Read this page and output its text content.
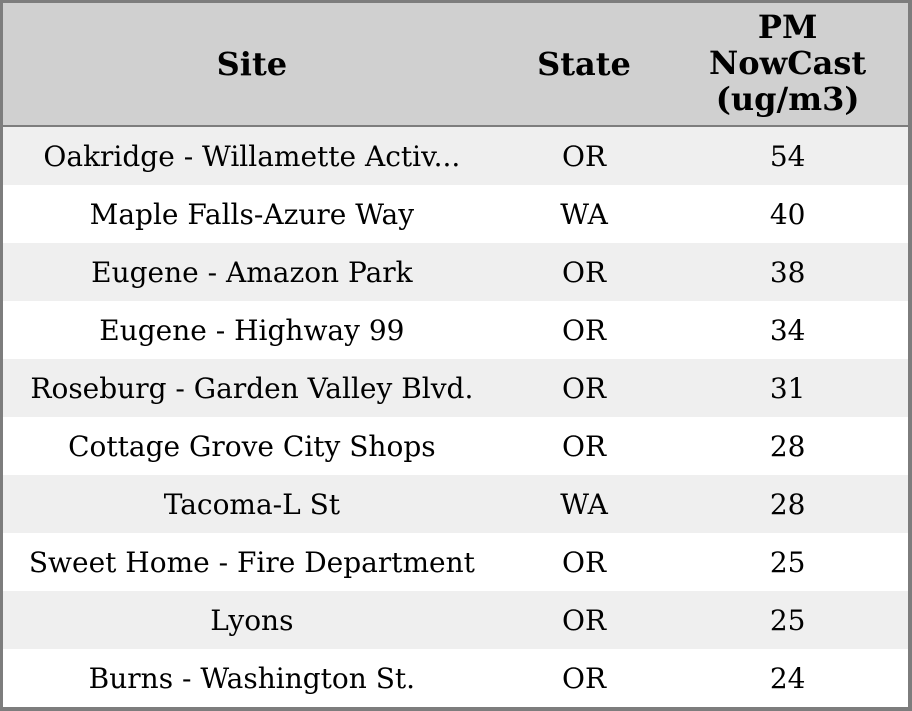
Site	State	PM NowCast (ug/m3)
Oakridge - Willamette Activ...	OR	54
Maple Falls-Azure Way	WA	40
Eugene - Amazon Park	OR	38
Eugene - Highway 99	OR	34
Roseburg - Garden Valley Blvd.	OR	31
Cottage Grove City Shops	OR	28
Tacoma-L St	WA	28
Sweet Home - Fire Department	OR	25
Lyons	OR	25
Burns - Washington St.	OR	24
